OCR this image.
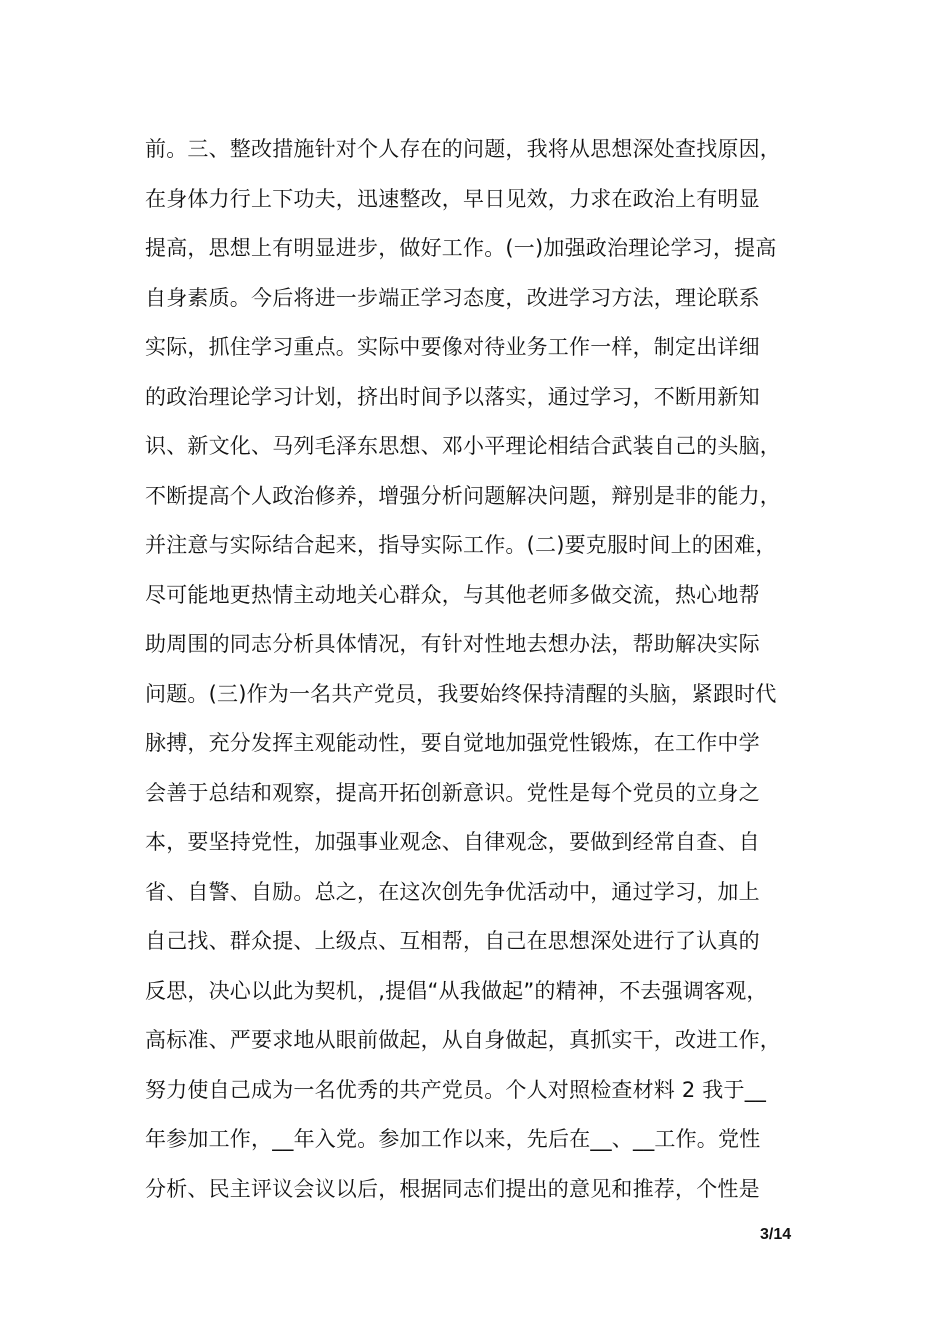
前。三、整改措施针对个人存在的问题，我将从思想深处查找原因，
在身体力行上下功夫，迅速整改，早日见效，力求在政治上有明显
提高，思想上有明显进步，做好工作。(一)加强政治理论学习，提高
自身素质。今后将进一步端正学习态度，改进学习方法，理论联系
实际，抓住学习重点。实际中要像对待业务工作一样，制定出详细
的政治理论学习计划，挤出时间予以落实，通过学习，不断用新知
识、新文化、马列毛泽东思想、邓小平理论相结合武装自己的头脑，
不断提高个人政治修养，增强分析问题解决问题，辩别是非的能力，
并注意与实际结合起来，指导实际工作。(二)要克服时间上的困难，
尽可能地更热情主动地关心群众，与其他老师多做交流，热心地帮
助周围的同志分析具体情况，有针对性地去想办法，帮助解决实际
问题。(三)作为一名共产党员，我要始终保持清醒的头脑，紧跟时代
脉搏，充分发挥主观能动性，要自觉地加强党性锻炼，在工作中学
会善于总结和观察，提高开拓创新意识。党性是每个党员的立身之
本，要坚持党性，加强事业观念、自律观念，要做到经常自查、自
省、自警、自励。总之，在这次创先争优活动中，通过学习，加上
自己找、群众提、上级点、互相帮，自己在思想深处进行了认真的
反思，决心以此为契机，,提倡“从我做起”的精神，不去强调客观，
高标准、严要求地从眼前做起，从自身做起，真抓实干，改进工作，
努力使自己成为一名优秀的共产党员。个人对照检查材料 2 我于__
年参加工作，__年入党。参加工作以来，先后在__、__工作。党性
分析、民主评议会议以后，根据同志们提出的意见和推荐，个性是
3/14
